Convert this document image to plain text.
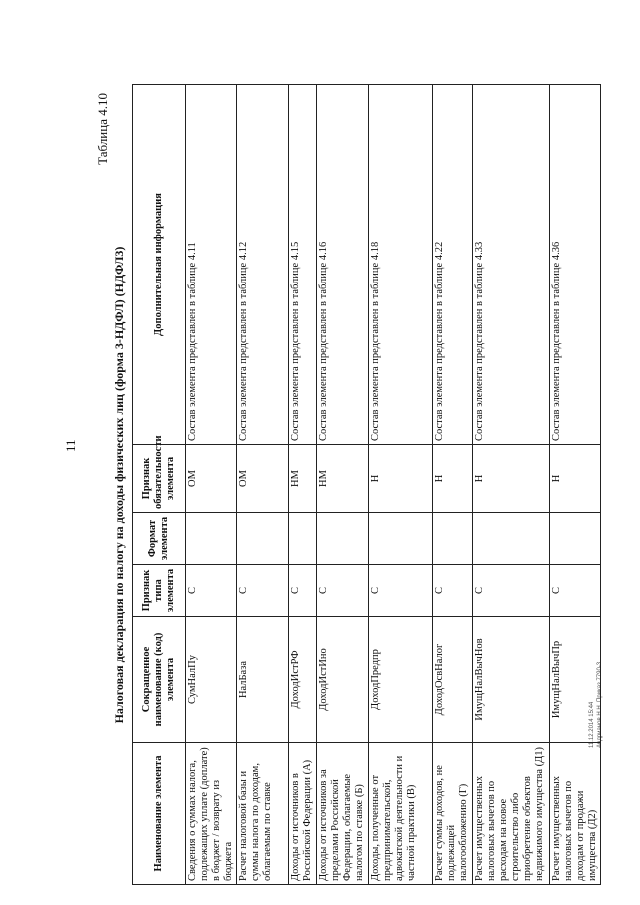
11
11.12.2014 15:44 Андрианов Н.Н. Приказ 7790-3
Таблица 4.10
Налоговая декларация по налогу на доходы физических лиц (форма 3-НДФЛ) (НДФЛ3)
Наименование элемента	Сокращенное наименование (код) элемента	Признак типа элемента	Формат элемента	Признак обязательности элемента	Дополнительная информация
Сведения о суммах налога, подлежащих уплате (доплате) в бюджет / возврату из бюджета	СумНалПу	С		ОМ	Состав элемента представлен в таблице 4.11
Расчет налоговой базы и суммы налога по доходам, облагаемым по ставке	НалБаза	С		ОМ	Состав элемента представлен в таблице 4.12
Доходы от источников в Российской Федерации (А)	ДоходИстРФ	С		НМ	Состав элемента представлен в таблице 4.15
Доходы от источников за пределами Российской Федерации, облагаемые налогом по ставке (Б)	ДоходИстИно	С		НМ	Состав элемента представлен в таблице 4.16
Доходы, полученные от предпринимательской, адвокатской деятельности и частной практики (В)	ДоходПредпр	С		Н	Состав элемента представлен в таблице 4.18
Расчет суммы доходов, не подлежащей налогообложению (Г)	ДоходОсвНалог	С		Н	Состав элемента представлен в таблице 4.22
Расчет имущественных налоговых вычетов по расходам на новое строительство либо приобретение объектов недвижимого имущества (Д1)	ИмущНалВычНов	С		Н	Состав элемента представлен в таблице 4.33
Расчет имущественных налоговых вычетов по доходам от продажи имущества (Д2)	ИмущНалВычПр	С		Н	Состав элемента представлен в таблице 4.36
